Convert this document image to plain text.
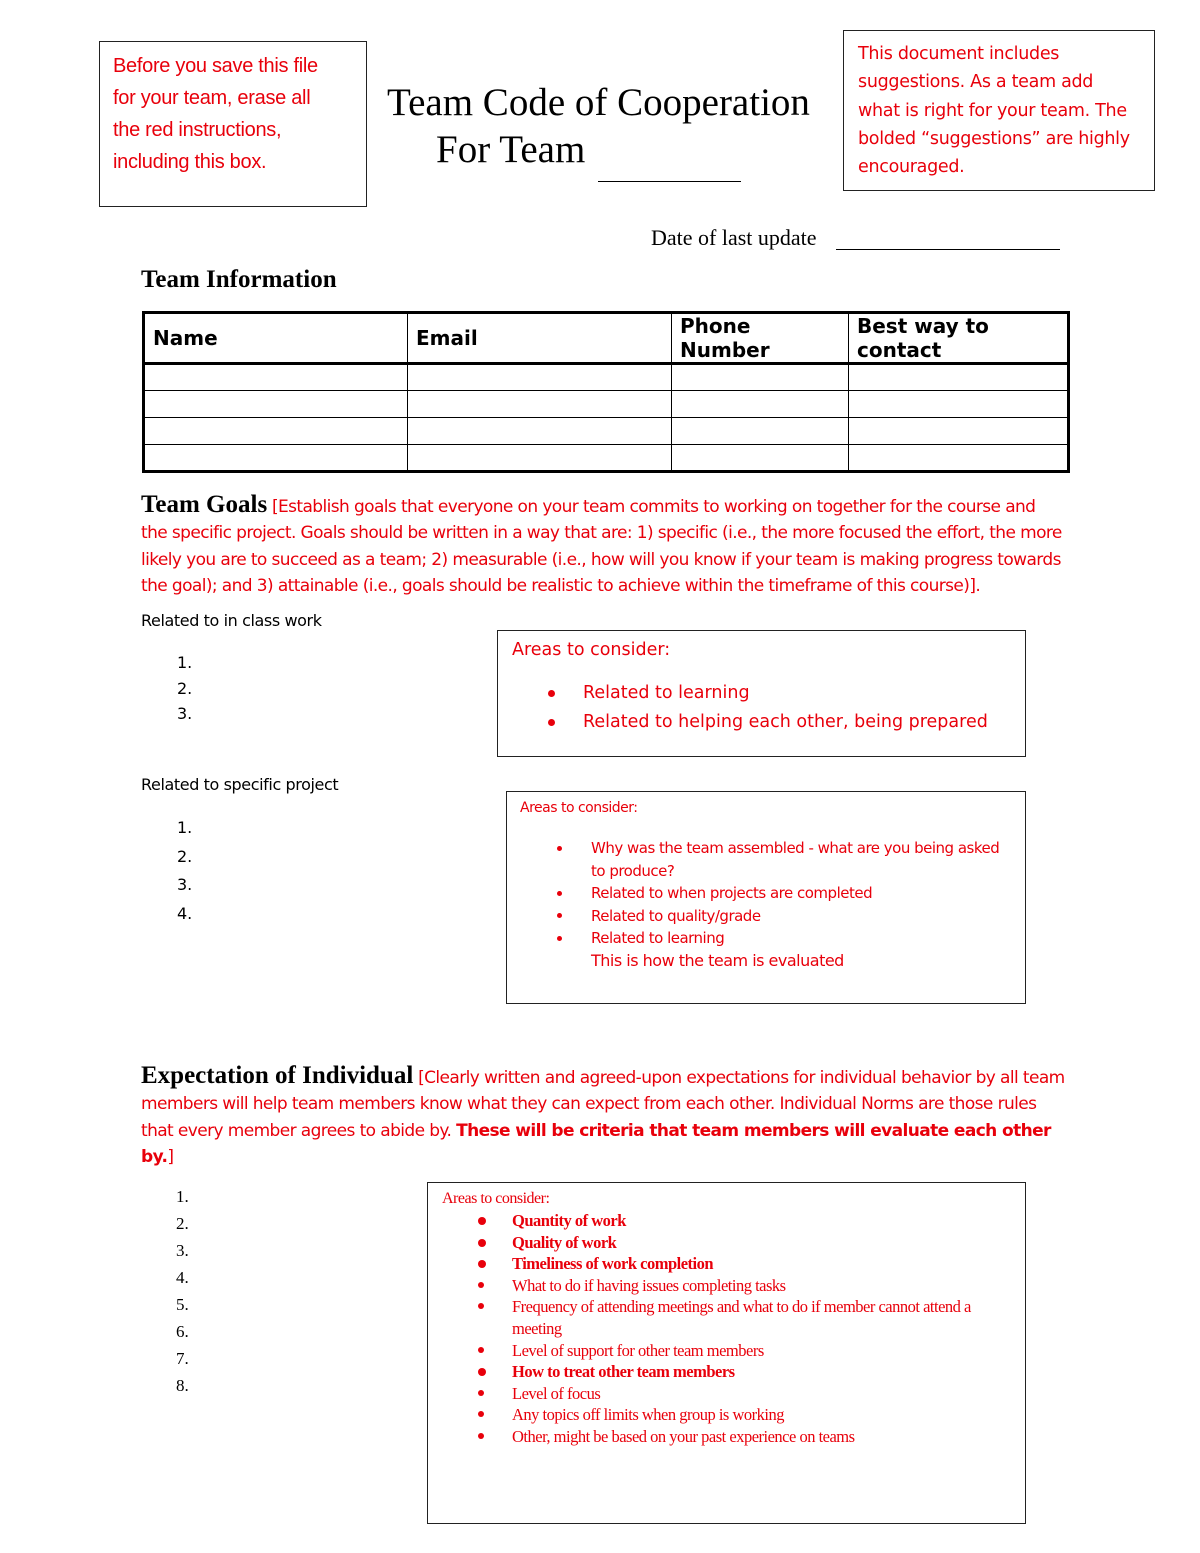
Before you save this file
for your team, erase all
the red instructions,
including this box.
Team Code of Cooperation
For Team
This document includes
suggestions. As a team add
what is right for your team. The
bolded “suggestions” are highly
encouraged.
Date of last update
Team Information
Name	Email	Phone Number	Best way to contact

Team Goals [Establish goals that everyone on your team commits to working on together for the course and the specific project. Goals should be written in a way that are: 1) specific (i.e., the more focused the effort, the more likely you are to succeed as a team; 2) measurable (i.e., how will you know if your team is making progress towards the goal); and 3) attainable (i.e., goals should be realistic to achieve within the timeframe of this course)].
Related to in class work
1.
2.
3.
Areas to consider:
Related to learning
Related to helping each other, being prepared
Related to specific project
1.
2.
3.
4.
Areas to consider:
Why was the team assembled - what are you being asked to produce?
Related to when projects are completed
Related to quality/grade
Related to learning
This is how the team is evaluated
Expectation of Individual [Clearly written and agreed-upon expectations for individual behavior by all team members will help team members know what they can expect from each other. Individual Norms are those rules that every member agrees to abide by. These will be criteria that team members will evaluate each other by.]
1.
2.
3.
4.
5.
6.
7.
8.
Areas to consider:
Quantity of work
Quality of work
Timeliness of work completion
What to do if having issues completing tasks
Frequency of attending meetings and what to do if member cannot attend a meeting
Level of support for other team members
How to treat other team members
Level of focus
Any topics off limits when group is working
Other, might be based on your past experience on teams
